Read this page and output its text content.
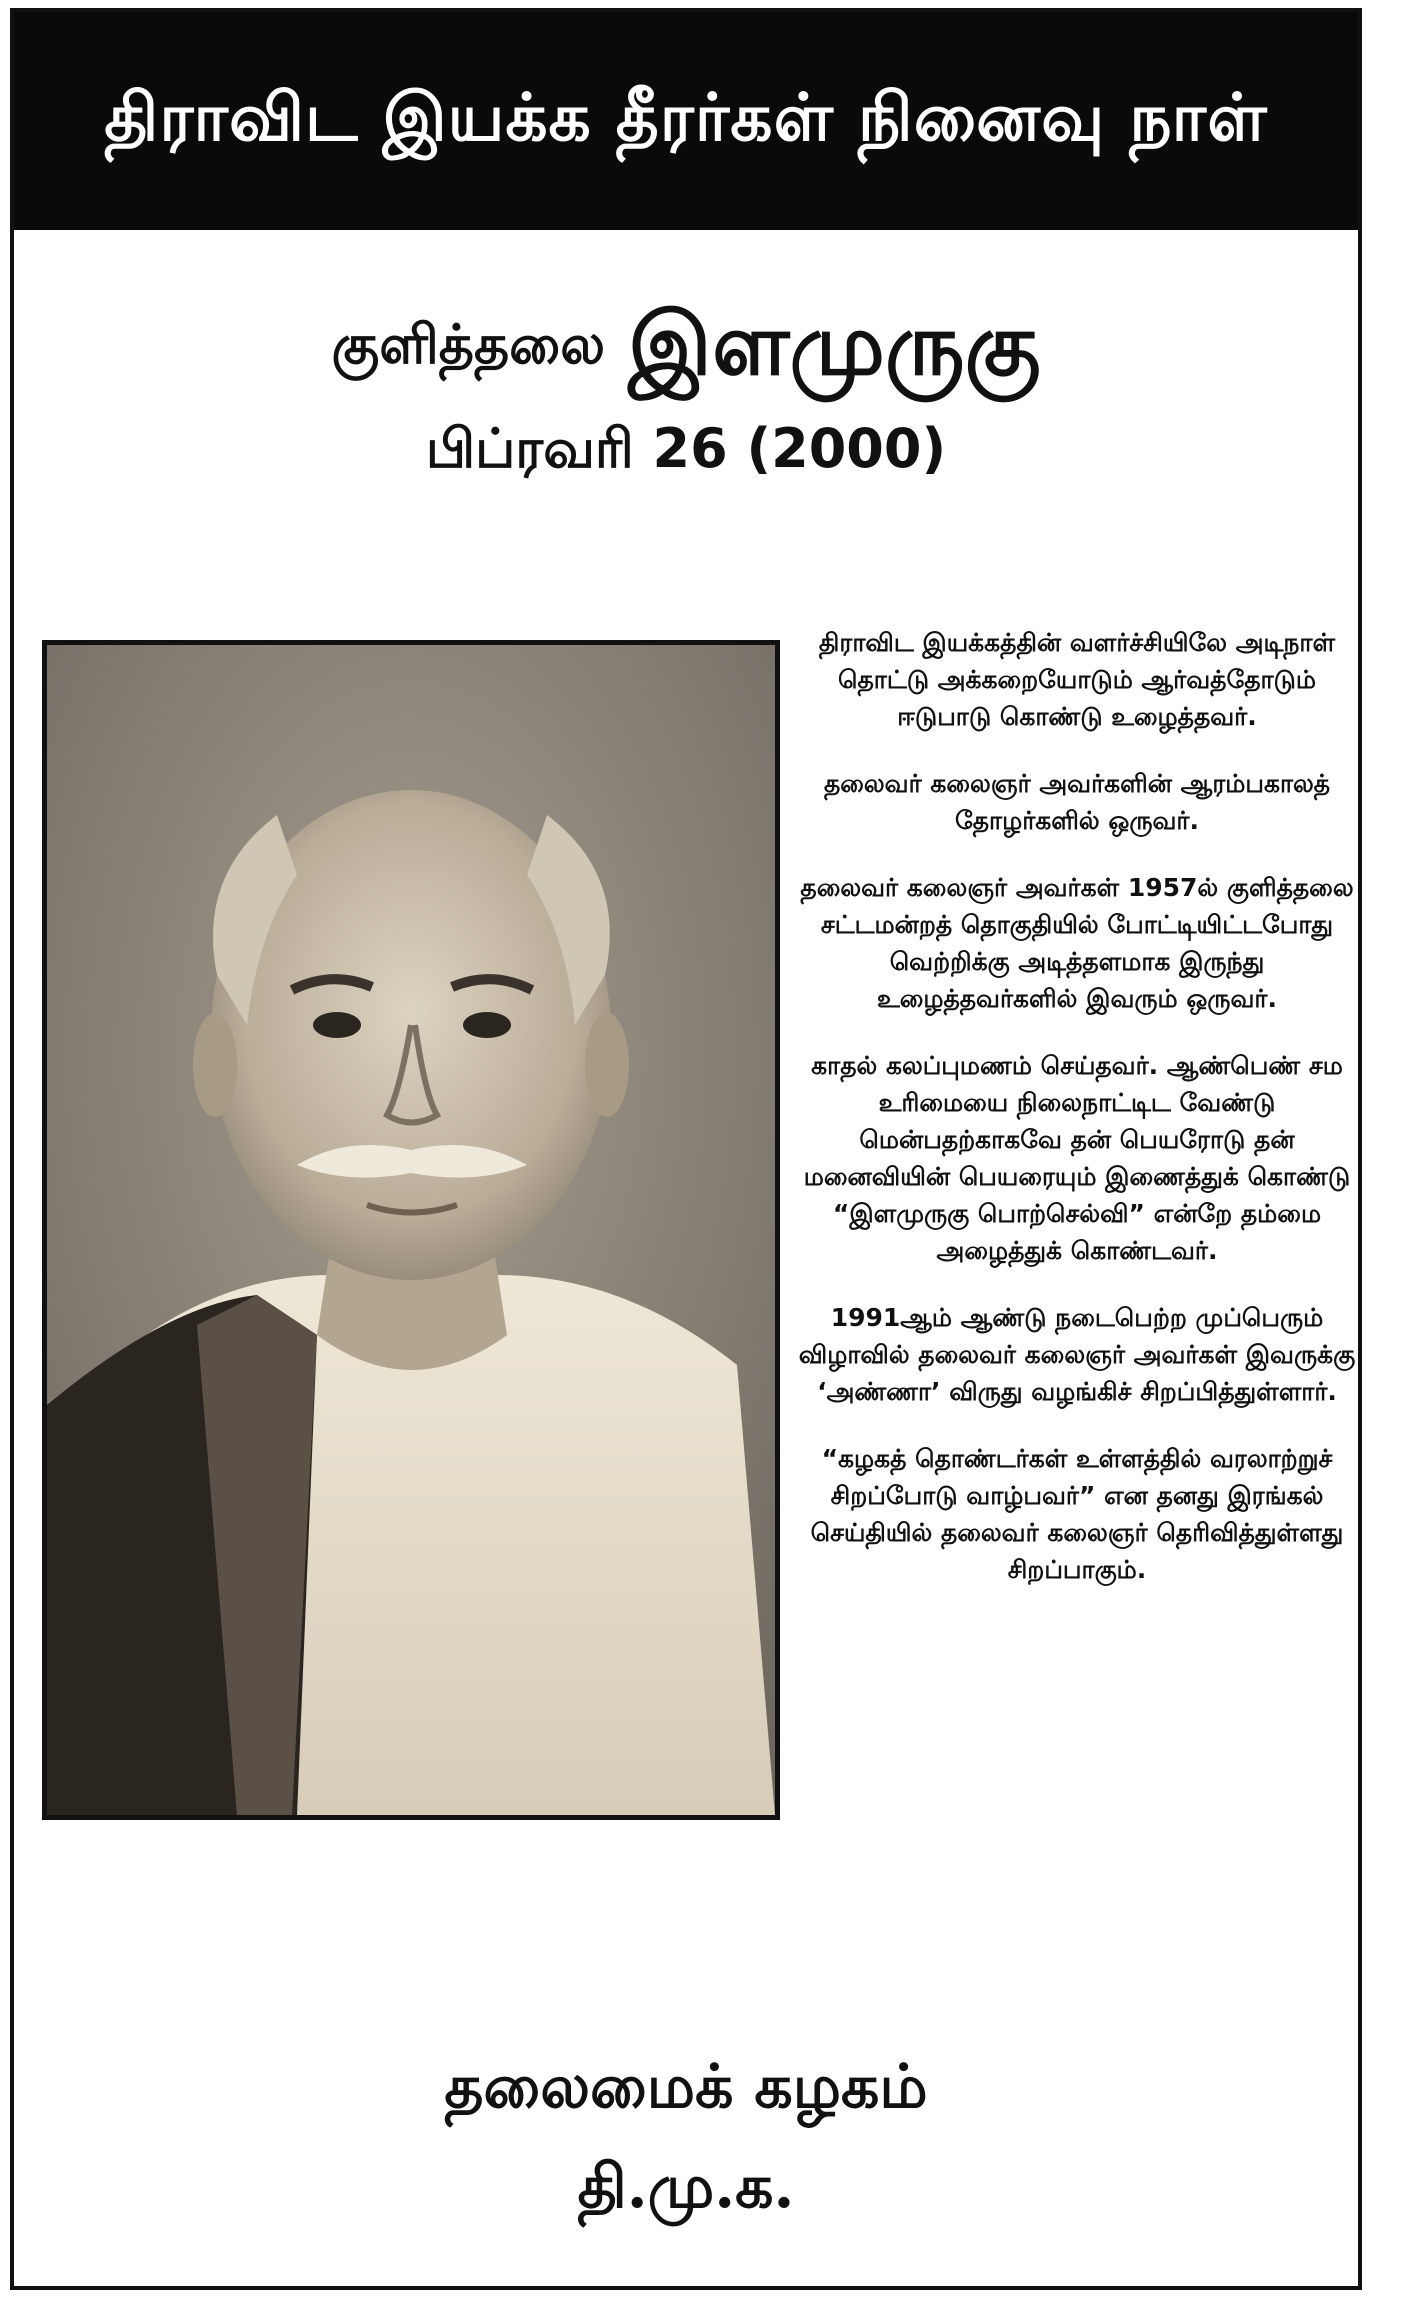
திராவிட இயக்க தீரர்கள் நினைவு நாள்
குளித்தலை இளமுருகு
பிப்ரவரி 26 (2000)

திராவிட இயக்கத்தின் வளர்ச்சியிலே அடிநாள் தொட்டு அக்கறையோடும் ஆர்வத்தோடும் ஈடுபாடு கொண்டு உழைத்தவர்.

தலைவர் கலைஞர் அவர்களின் ஆரம்பகாலத் தோழர்களில் ஒருவர்.

தலைவர் கலைஞர் அவர்கள் 1957ல் குளித்தலை சட்டமன்றத் தொகுதியில் போட்டியிட்டபோது வெற்றிக்கு அடித்தளமாக இருந்து உழைத்தவர்களில் இவரும் ஒருவர்.

காதல் கலப்புமணம் செய்தவர். ஆண்பெண் சம உரிமையை நிலைநாட்டிட வேண்டு மென்பதற்காகவே தன் பெயரோடு தன் மனைவியின் பெயரையும் இணைத்துக் கொண்டு “இளமுருகு பொற்செல்வி” என்றே தம்மை அழைத்துக் கொண்டவர்.

1991ஆம் ஆண்டு நடைபெற்ற முப்பெரும் விழாவில் தலைவர் கலைஞர் அவர்கள் இவருக்கு ‘அண்ணா’ விருது வழங்கிச் சிறப்பித்துள்ளார்.

“கழகத் தொண்டர்கள் உள்ளத்தில் வரலாற்றுச் சிறப்போடு வாழ்பவர்” என தனது இரங்கல் செய்தியில் தலைவர் கலைஞர் தெரிவித்துள்ளது சிறப்பாகும்.

தலைமைக் கழகம்
தி.மு.க.
